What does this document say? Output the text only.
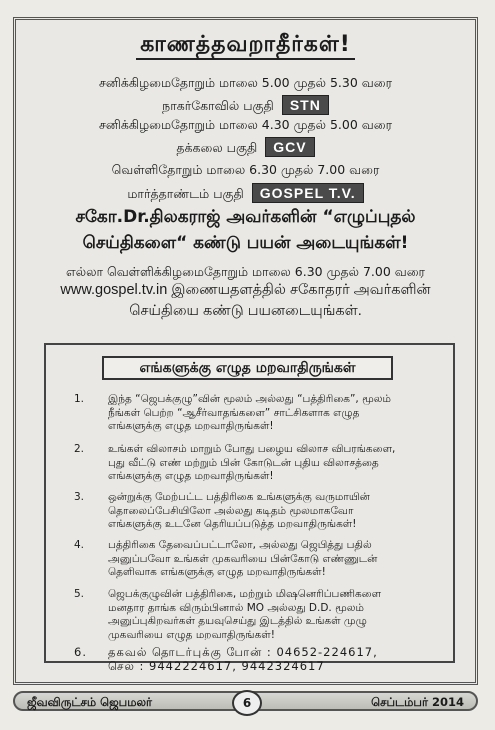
காணத்தவறாதீர்கள்!
சனிக்கிழமைதோறும் மாலை 5.00 முதல் 5.30 வரை
நாகர்கோவில் பகுதி STN
சனிக்கிழமைதோறும் மாலை 4.30 முதல் 5.00 வரை
தக்கலை பகுதி GCV
வெள்ளிதோறும் மாலை 6.30 முதல் 7.00 வரை
மார்த்தாண்டம் பகுதி GOSPEL T.V.
சகோ.Dr.திலகராஜ் அவர்களின் “எழுப்புதல்
செய்திகளை“ கண்டு பயன் அடையுங்கள்!
எல்லா வெள்ளிக்கிழமைதோறும் மாலை 6.30 முதல் 7.00 வரை
www.gospel.tv.in இணையதளத்தில் சகோதரர் அவர்களின்
செய்தியை கண்டு பயனடையுங்கள்.
எங்களுக்கு எழுத மறவாதிருங்கள்
1.	இந்த “ஜெபக்குழு”வின் மூலம் அல்லது “பத்திரிகை”, மூலம்
நீங்கள் பெற்ற “ஆசீர்வாதங்களை” சாட்சிகளாக எழுத
எங்களுக்கு எழுத மறவாதிருங்கள்!
2.	உங்கள் விலாசம் மாறும் போது பழைய விலாச விபரங்களை,
புது வீட்டு எண் மற்றும் பின் கோடுடன் புதிய விலாசத்தை
எங்களுக்கு எழுத மறவாதிருங்கள்!
3.	ஒன்றுக்கு மேற்பட்ட பத்திரிகை உங்களுக்கு வருமாயின்
தொலைப்பேசியிலோ அல்லது கடிதம் மூலமாகவோ
எங்களுக்கு உடனே தெரியப்படுத்த மறவாதிருங்கள்!
4.	பத்திரிகை தேவைப்பட்டாலோ, அல்லது ஜெபித்து பதில்
அனுப்பவோ உங்கள் முகவரியை பின்கோடு எண்ணுடன்
தெளிவாக எங்களுக்கு எழுத மறவாதிருங்கள்!
5.	ஜெபக்குழுவின் பத்திரிகை, மற்றும் மிஷனெரிப்பணிகளை
மனதார தாங்க விரும்பினால் MO அல்லது D.D. மூலம்
அனுப்புகிறவர்கள் தயவுசெய்து இடத்தில் உங்கள் முழு
முகவரியை எழுத மறவாதிருங்கள்!
6.	தகவல் தொடர்புக்கு போன் : 04652-224617,
செல் : 9442224617, 9442324617
ஜீவவிருட்சம் ஜெபமலர்	6	செப்டம்பர் 2014
